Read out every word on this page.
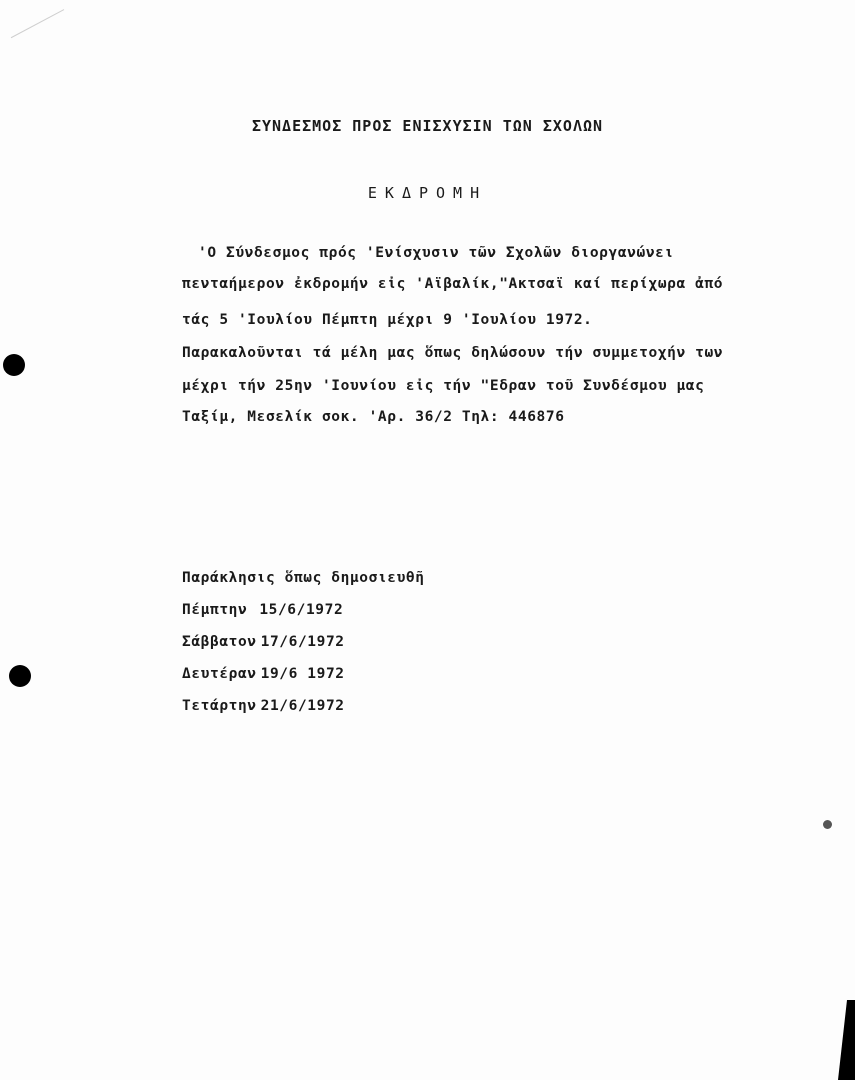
ΣΥΝΔΕΣΜΟΣ ΠΡΟΣ ΕΝΙΣΧΥΣΙΝ ΤΩΝ ΣΧΟΛΩΝ
ΕΚΔΡΟΜΗ
'Ο Σύνδεσμος πρός 'Ενίσχυσιν τῶν Σχολῶν διοργανώνει
πενταήμερον ἐκδρομήν εἰς 'Αϊβαλίκ,"Ακτσαϊ καί περίχωρα ἀπό
τάς 5 'Ιουλίου Πέμπτη μέχρι 9 'Ιουλίου 1972.
Παρακαλοῦνται τά μέλη μας ὅπως δηλώσουν τήν συμμετοχήν των
μέχρι τήν 25ην 'Ιουνίου εἰς τήν "Εδραν τοῦ Συνδέσμου μας
Ταξίμ, Μεσελίκ σοκ. 'Αρ. 36/2 Τηλ: 446876
Παράκλησις ὅπως δημοσιευθῆ
Πέμπτην 15/6/1972
Σάββατον 17/6/1972
Δευτέραν 19/6 1972
Τετάρτην 21/6/1972
